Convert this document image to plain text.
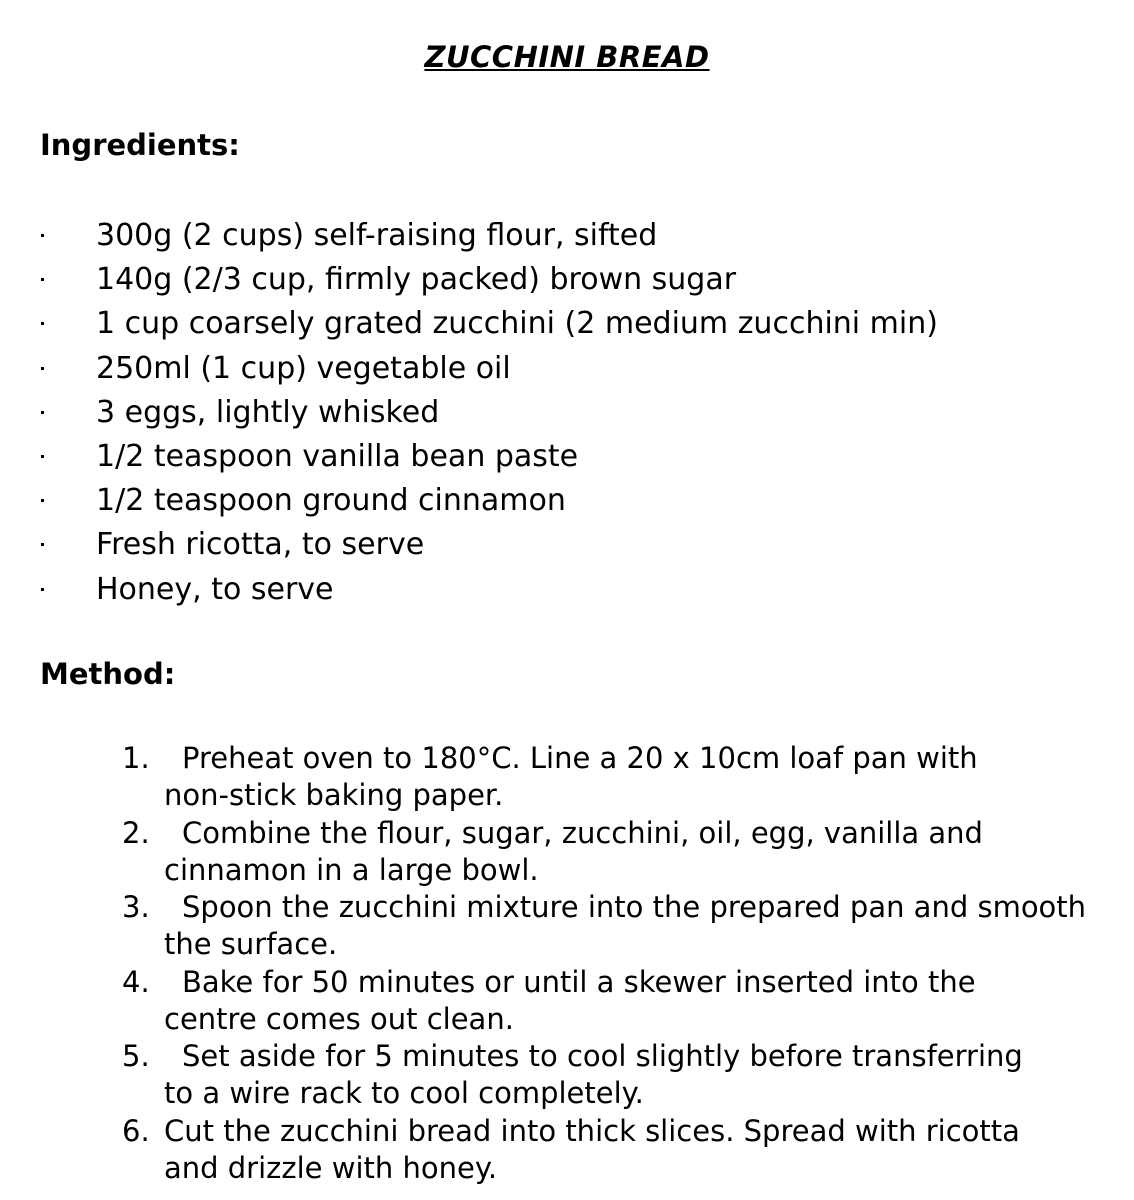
ZUCCHINI BREAD
Ingredients:
300g (2 cups) self-raising flour, sifted
140g (2/3 cup, firmly packed) brown sugar
1 cup coarsely grated zucchini (2 medium zucchini min)
250ml (1 cup) vegetable oil
3 eggs, lightly whisked
1/2 teaspoon vanilla bean paste
1/2 teaspoon ground cinnamon
Fresh ricotta, to serve
Honey, to serve
Method:
1.	Preheat oven to 180°C. Line a 20 x 10cm loaf pan with
non-stick baking paper.
2.	Combine the flour, sugar, zucchini, oil, egg, vanilla and
cinnamon in a large bowl.
3.	Spoon the zucchini mixture into the prepared pan and smooth
the surface.
4.	Bake for 50 minutes or until a skewer inserted into the
centre comes out clean.
5.	Set aside for 5 minutes to cool slightly before transferring
to a wire rack to cool completely.
6. Cut the zucchini bread into thick slices. Spread with ricotta
and drizzle with honey.
